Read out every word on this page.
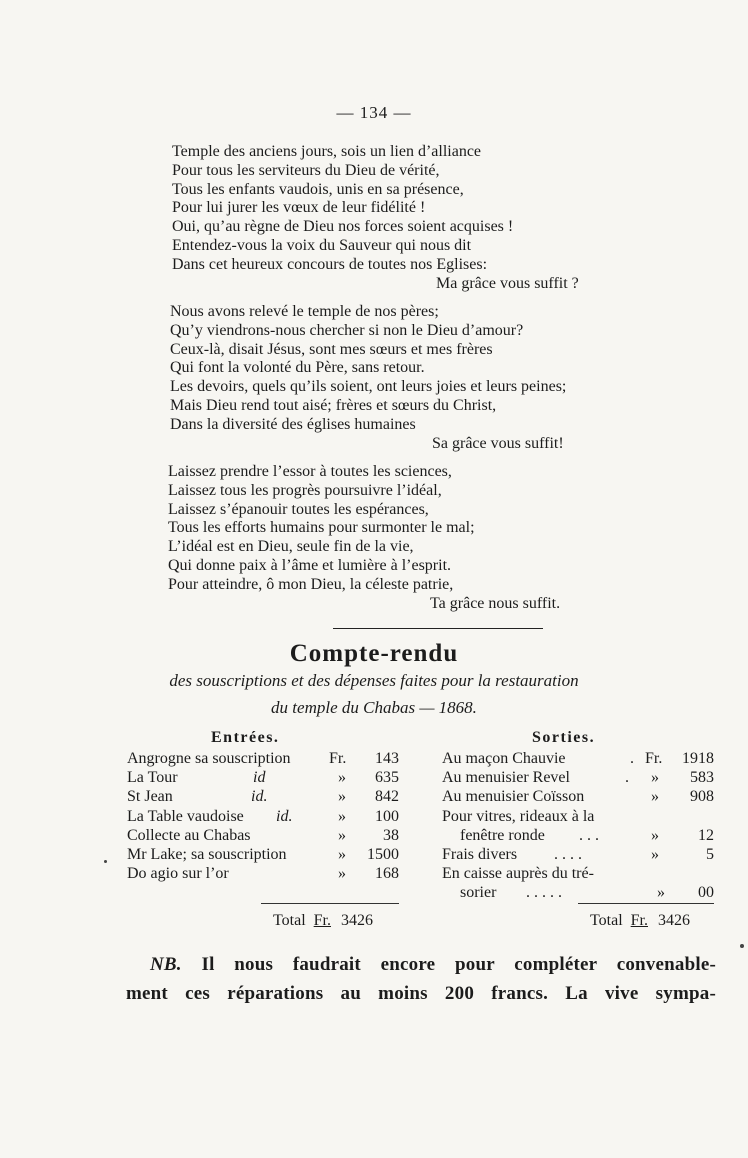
— 134 —
Temple des anciens jours, sois un lien d’alliance
Pour tous les serviteurs du Dieu de vérité,
Tous les enfants vaudois, unis en sa présence,
Pour lui jurer les vœux de leur fidélité !
Oui, qu’au règne de Dieu nos forces soient acquises !
Entendez-vous la voix du Sauveur qui nous dit
Dans cet heureux concours de toutes nos Eglises:
Ma grâce vous suffit ?
Nous avons relevé le temple de nos pères;
Qu’y viendrons-nous chercher si non le Dieu d’amour?
Ceux-là, disait Jésus, sont mes sœurs et mes frères
Qui font la volonté du Père, sans retour.
Les devoirs, quels qu’ils soient, ont leurs joies et leurs peines;
Mais Dieu rend tout aisé; frères et sœurs du Christ,
Dans la diversité des églises humaines
Sa grâce vous suffit!
Laissez prendre l’essor à toutes les sciences,
Laissez tous les progrès poursuivre l’idéal,
Laissez s’épanouir toutes les espérances,
Tous les efforts humains pour surmonter le mal;
L’idéal est en Dieu, seule fin de la vie,
Qui donne paix à l’âme et lumière à l’esprit.
Pour atteindre, ô mon Dieu, la céleste patrie,
Ta grâce nous suffit.
Compte-rendu
des souscriptions et des dépenses faites pour la restauration
du temple du Chabas — 1868.
Entrées.	Sorties.
Angrogne sa souscription Fr. 143
La Tour	id	» 635
St Jean	id.	» 842
La Table vaudoise id.	» 100
Collecte au Chabas	» 38
Mr Lake; sa souscription	» 1500
Do agio sur l’or	» 168
Total Fr. 3426
Au maçon Chauvie	. Fr. 1918
Au menuisier Revel	. » 583
Au menuisier Coïsson	» 908
Pour vitres, rideaux à la
fenêtre ronde . . .	» 12
Frais divers . . . .	»	5
En caisse auprès du tré-
sorier . . . . .	» 00
Total Fr. 3426
NB. Il nous faudrait encore pour compléter convenable-
ment ces réparations au moins 200 francs. La vive sympa-
